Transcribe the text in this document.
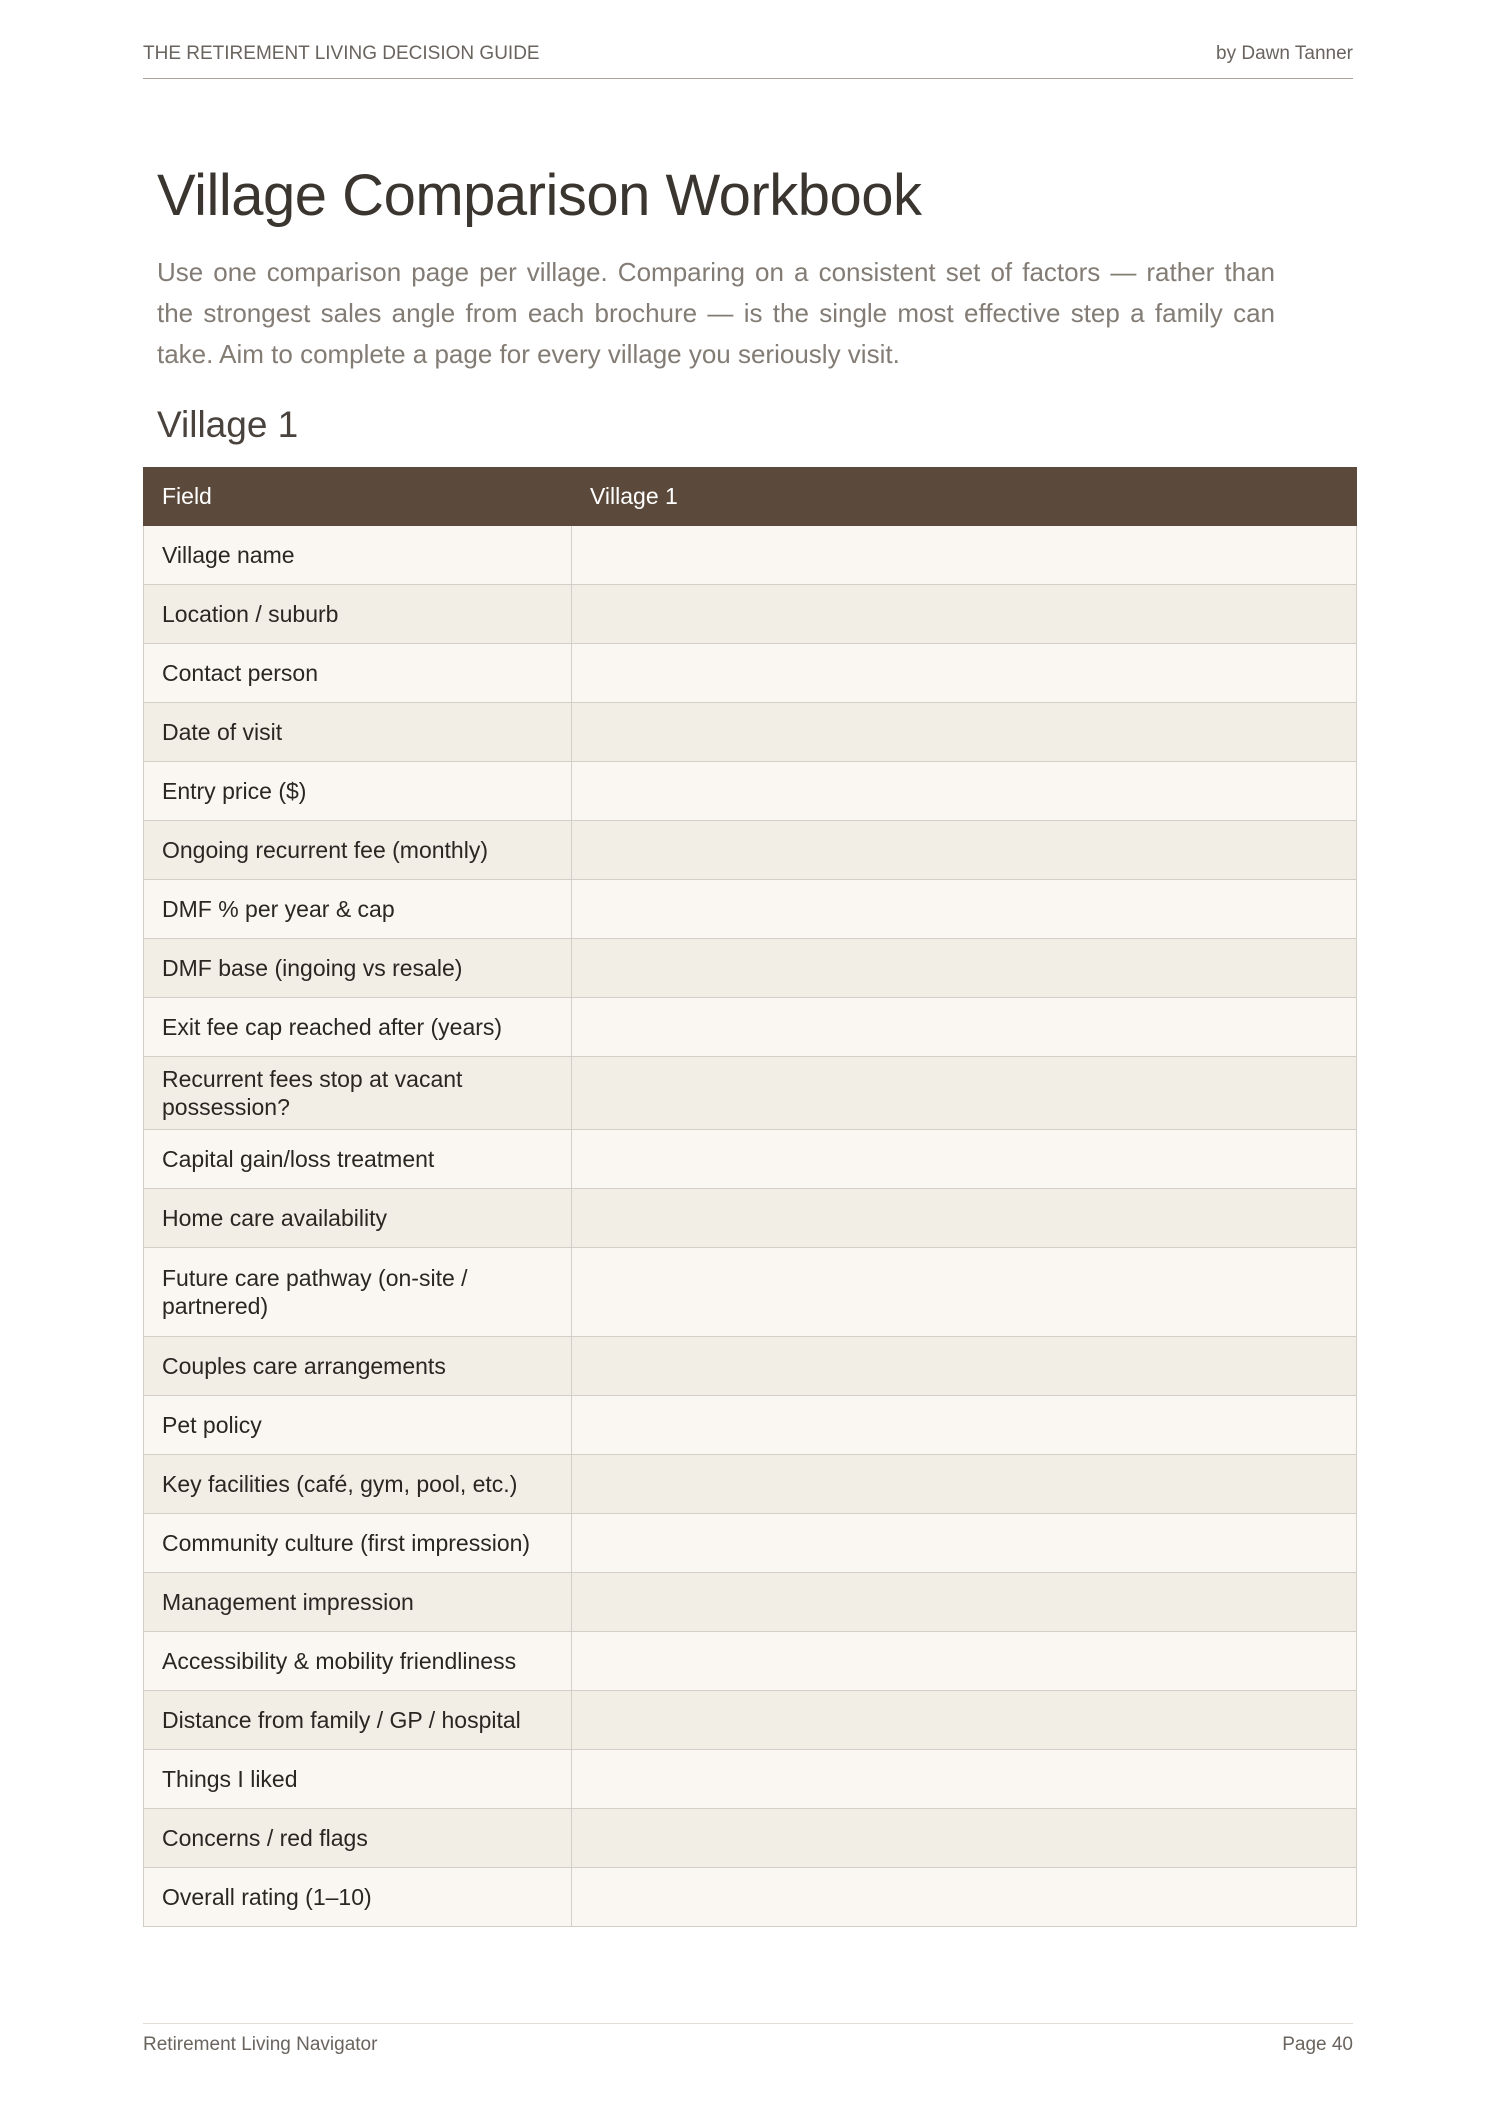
THE RETIREMENT LIVING DECISION GUIDE	by Dawn Tanner
Village Comparison Workbook

Use one comparison page per village. Comparing on a consistent set of factors — rather than the strongest sales angle from each brochure — is the single most effective step a family can take. Aim to complete a page for every village you seriously visit.

Village 1
Field	Village 1
Village name	
Location / suburb	
Contact person	
Date of visit	
Entry price ($)	
Ongoing recurrent fee (monthly)	
DMF % per year & cap	
DMF base (ingoing vs resale)	
Exit fee cap reached after (years)	
Recurrent fees stop at vacant possession?	
Capital gain/loss treatment	
Home care availability	
Future care pathway (on-site / partnered)	
Couples care arrangements	
Pet policy	
Key facilities (café, gym, pool, etc.)	
Community culture (first impression)	
Management impression	
Accessibility & mobility friendliness	
Distance from family / GP / hospital	
Things I liked	
Concerns / red flags	
Overall rating (1–10)	
Retirement Living Navigator	Page 40
